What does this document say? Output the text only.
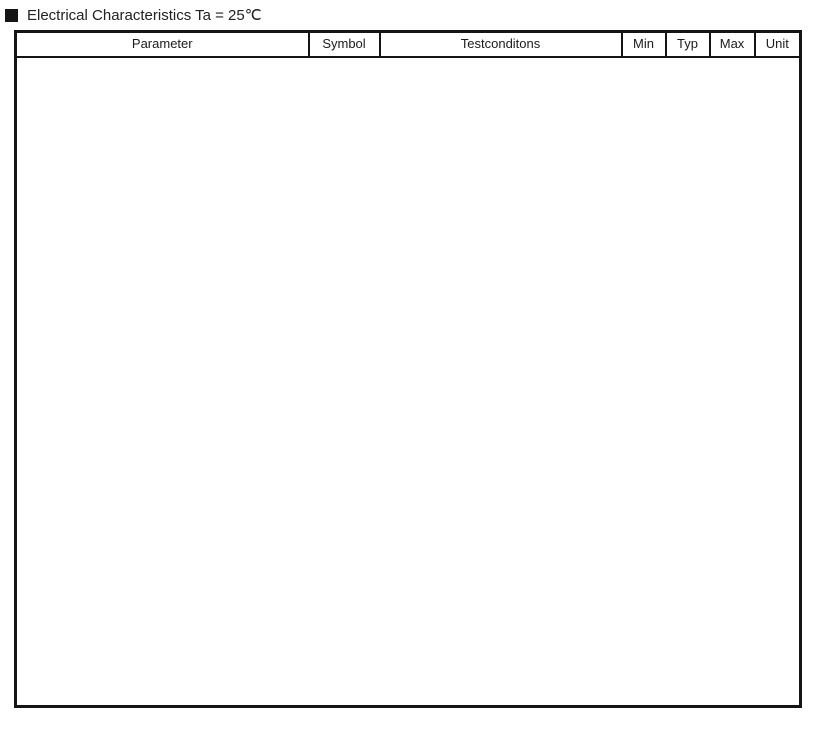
Electrical Characteristics Ta = 25℃
Parameter	Symbol	Testconditons	Min	Typ	Max	Unit
